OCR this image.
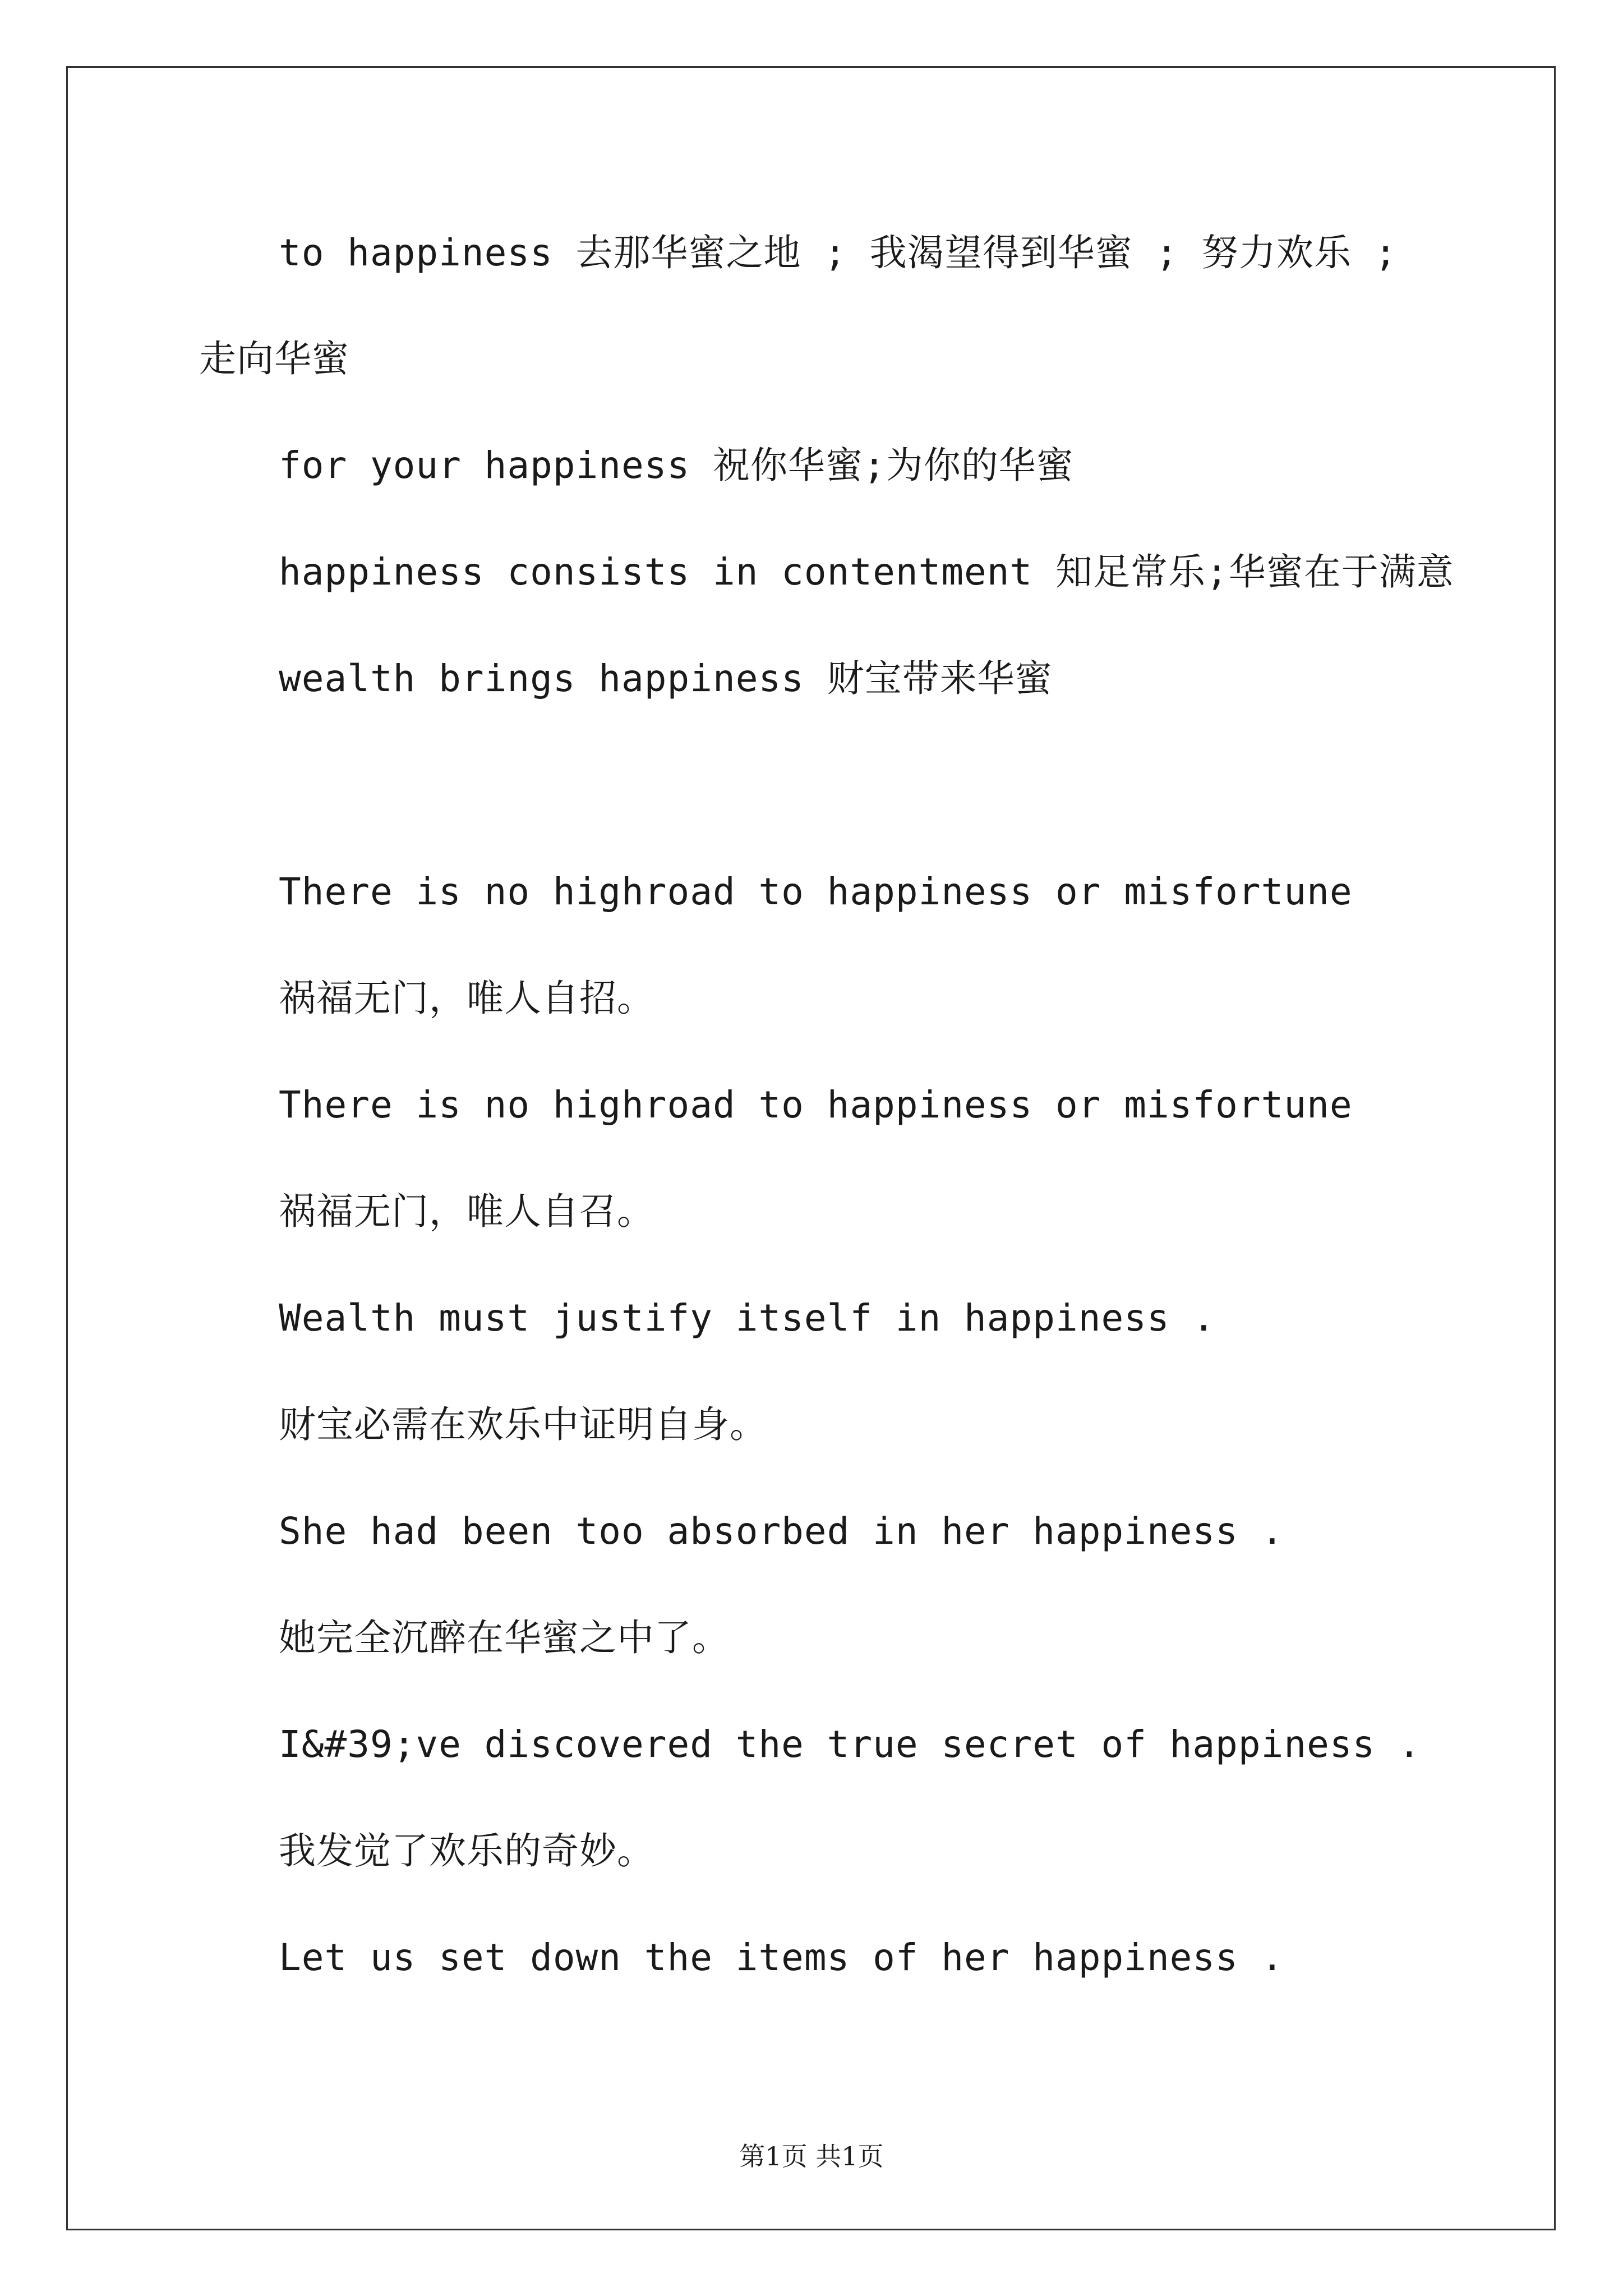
to happiness 去那华蜜之地 ; 我渴望得到华蜜 ; 努力欢乐 ;
走向华蜜
for your happiness 祝你华蜜;为你的华蜜
happiness consists in contentment 知足常乐;华蜜在于满意
wealth brings happiness 财宝带来华蜜
There is no highroad to happiness or misfortune
祸福无门，唯人自招。
There is no highroad to happiness or misfortune
祸福无门，唯人自召。
Wealth must justify itself in happiness .
财宝必需在欢乐中证明自身。
She had been too absorbed in her happiness .
她完全沉醉在华蜜之中了。
I&#39;ve discovered the true secret of happiness .
我发觉了欢乐的奇妙。
Let us set down the items of her happiness .
第1页 共1页
